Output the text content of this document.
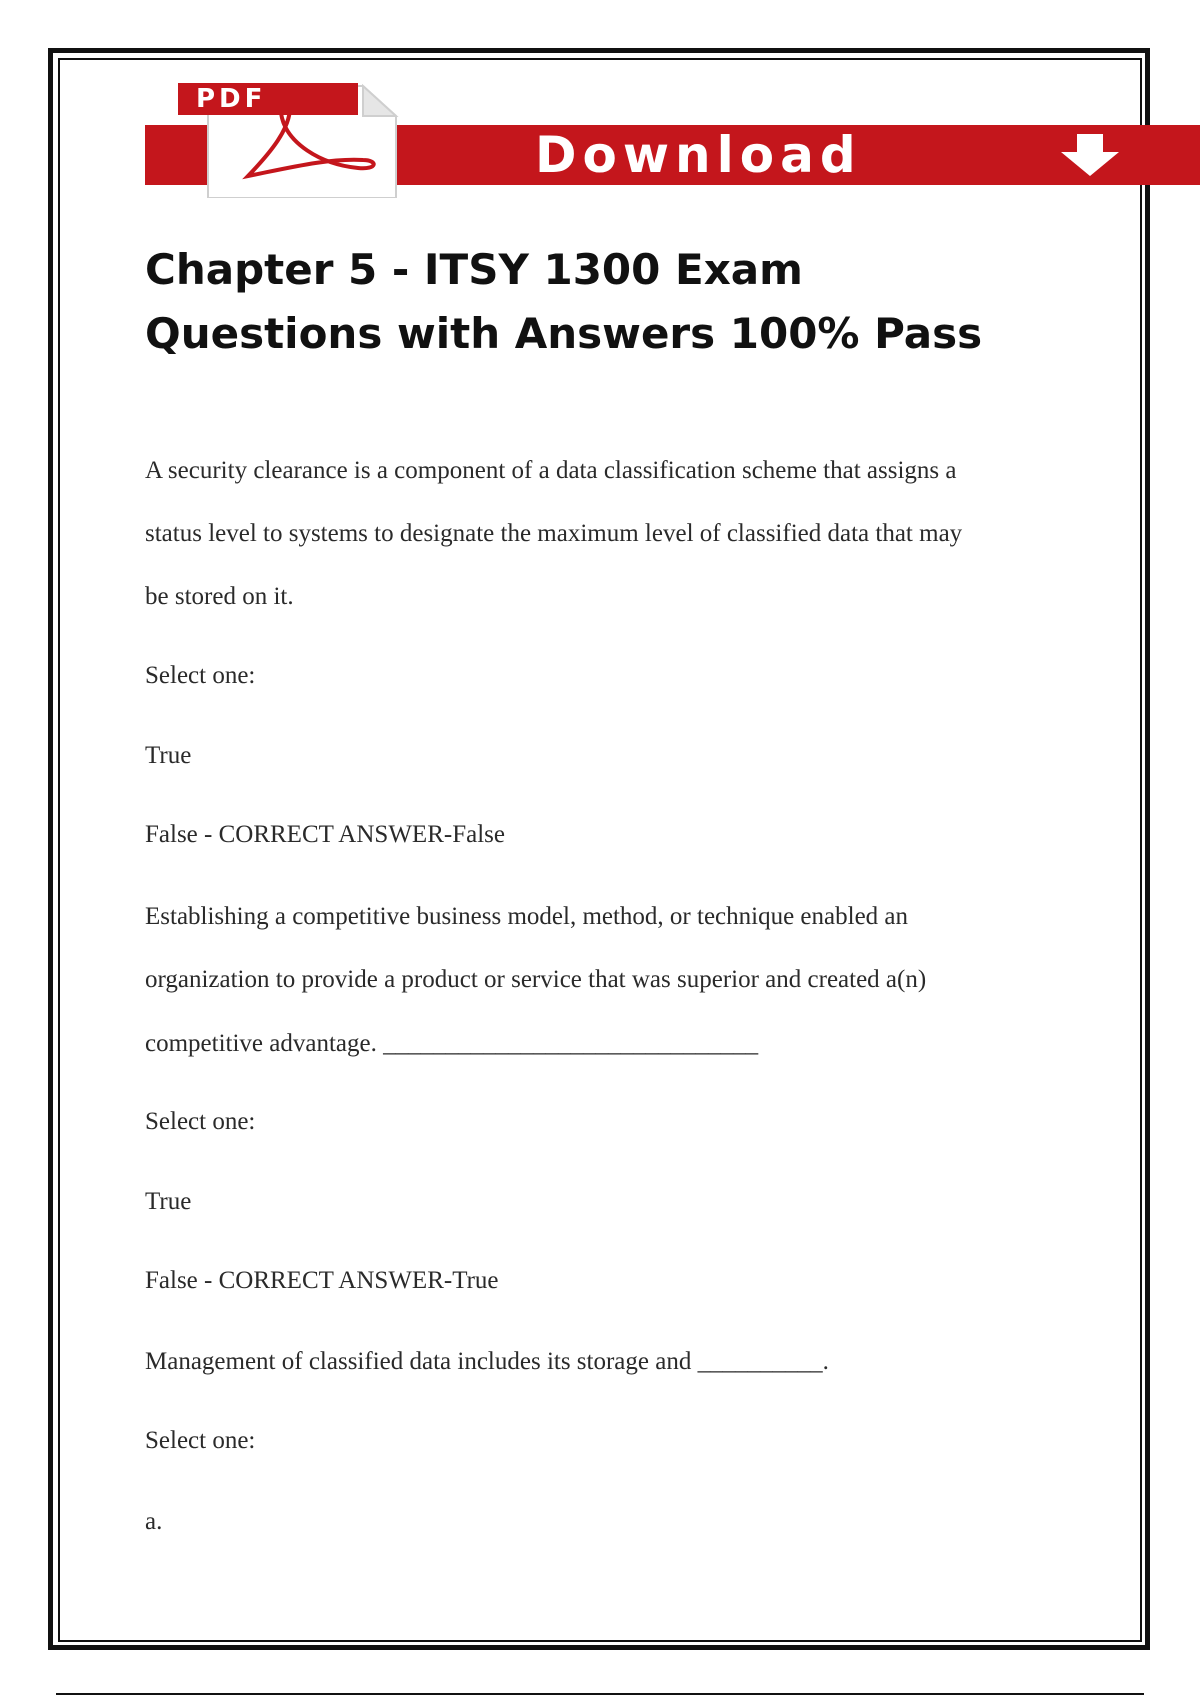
PDF
Download
Chapter 5 - ITSY 1300 Exam
Questions with Answers 100% Pass
A security clearance is a component of a data classification scheme that assigns a
status level to systems to designate the maximum level of classified data that may
be stored on it.
Select one:
True
False - CORRECT ANSWER-False
Establishing a competitive business model, method, or technique enabled an
organization to provide a product or service that was superior and created a(n)
competitive advantage. ______________________________
Select one:
True
False - CORRECT ANSWER-True
Management of classified data includes its storage and __________.
Select one:
a.
